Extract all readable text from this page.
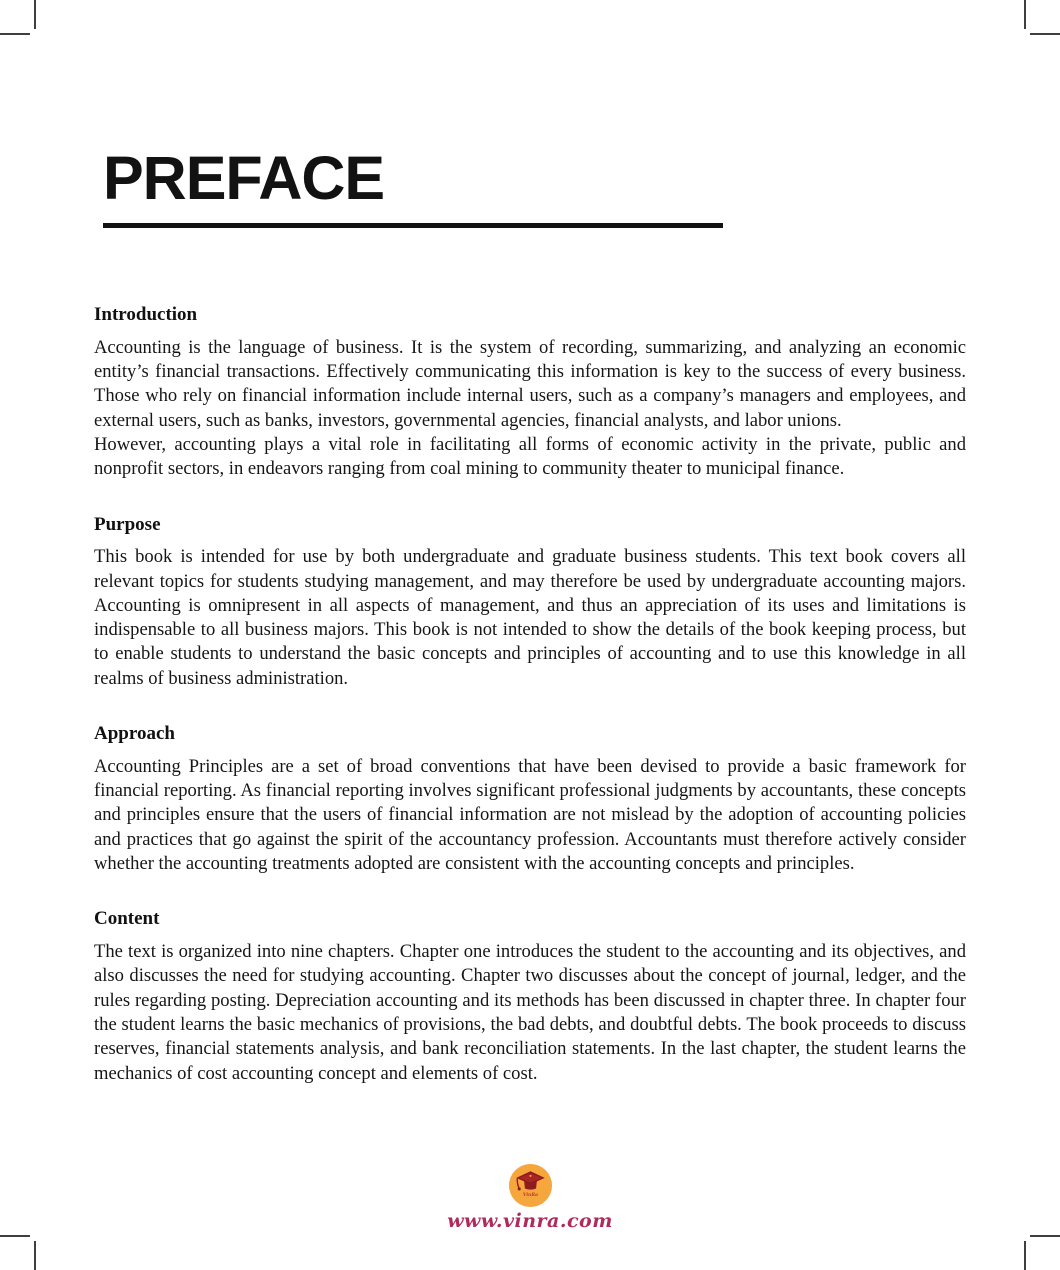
PREFACE
Introduction

Accounting is the language of business. It is the system of recording, summarizing, and analyzing an economic entity’s financial transactions. Effectively communicating this information is key to the success of every business. Those who rely on financial information include internal users, such as a company’s managers and employees, and external users, such as banks, investors, governmental agencies, financial analysts, and labor unions.

However, accounting plays a vital role in facilitating all forms of economic activity in the private, public and nonprofit sectors, in endeavors ranging from coal mining to community theater to municipal finance.

Purpose

This book is intended for use by both undergraduate and graduate business students. This text book covers all relevant topics for students studying management, and may therefore be used by undergraduate accounting majors. Accounting is omnipresent in all aspects of management, and thus an appreciation of its uses and limitations is indispensable to all business majors. This book is not intended to show the details of the book keeping process, but to enable students to understand the basic concepts and principles of accounting and to use this knowledge in all realms of business administration.

Approach

Accounting Principles are a set of broad conventions that have been devised to provide a basic framework for financial reporting. As financial reporting involves significant professional judgments by accountants, these concepts and principles ensure that the users of financial information are not mislead by the adoption of accounting policies and practices that go against the spirit of the accountancy profession. Accountants must therefore actively consider whether the accounting treatments adopted are consistent with the accounting concepts and principles.

Content

The text is organized into nine chapters. Chapter one introduces the student to the accounting and its objectives, and also discusses the need for studying accounting. Chapter two discusses about the concept of journal, ledger, and the rules regarding posting. Depreciation accounting and its methods has been discussed in chapter three. In chapter four the student learns the basic mechanics of provisions, the bad debts, and doubtful debts. The book proceeds to discuss reserves, financial statements analysis, and bank reconciliation statements. In the last chapter, the student learns the mechanics of cost accounting concept and elements of cost.

VinRa
www.vinra.com
